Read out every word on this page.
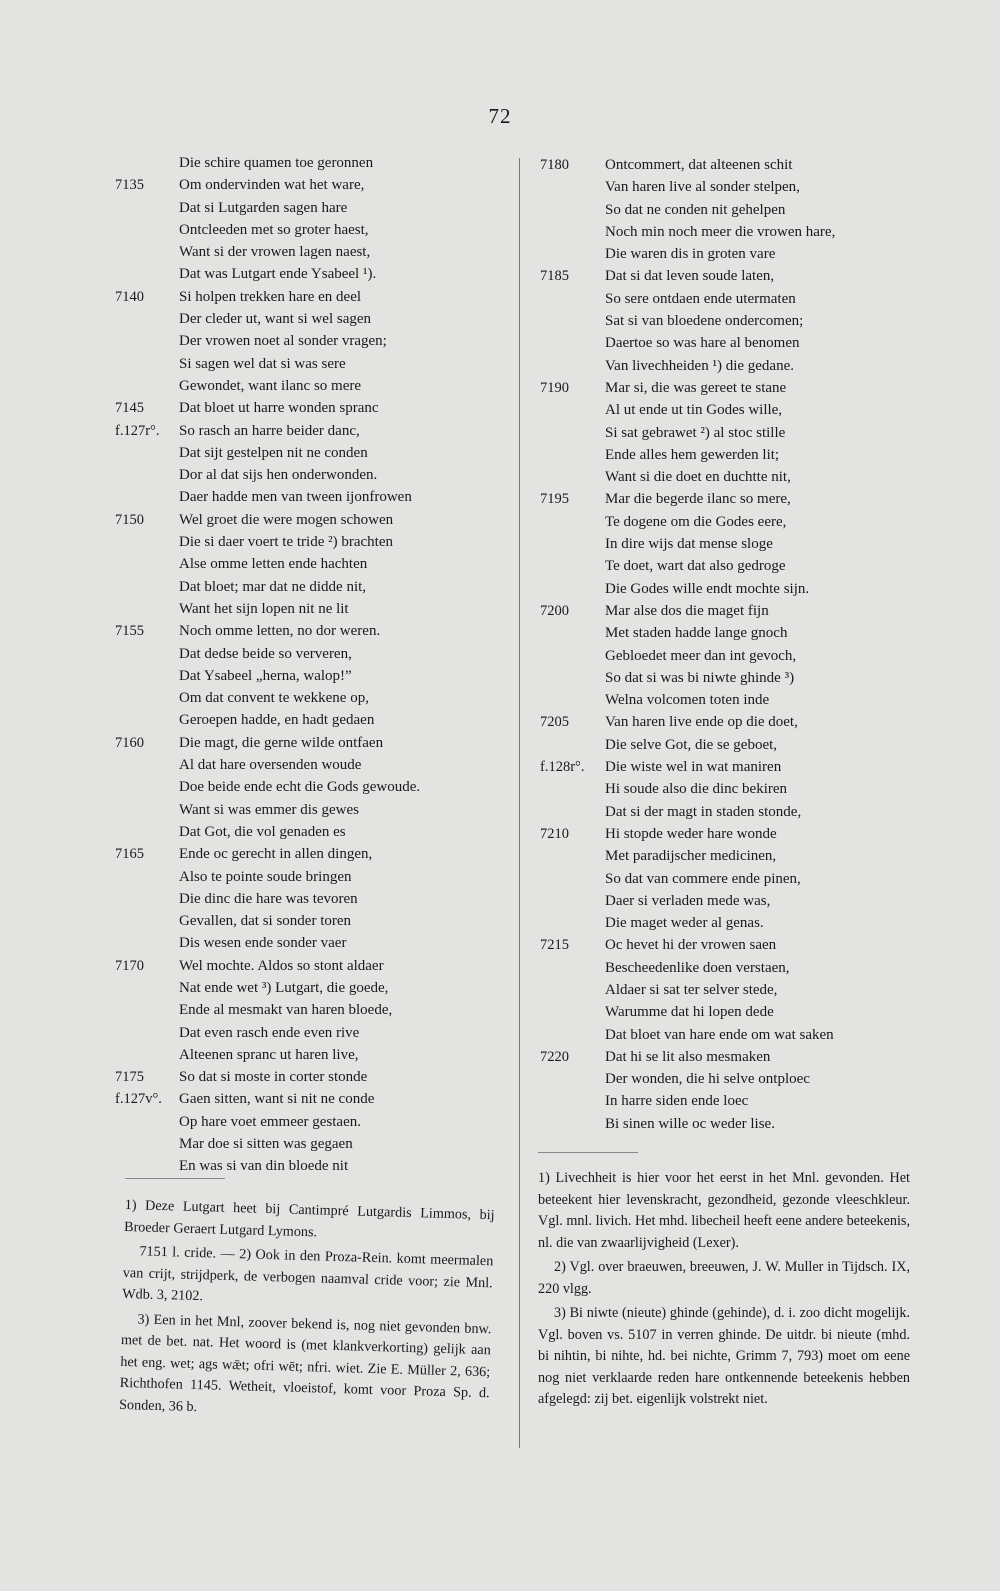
72
Die schire quamen toe geronnen
7135 Om ondervinden wat het ware,
Dat si Lutgarden sagen hare
Ontcleeden met so groter haest,
Want si der vrowen lagen naest,
Dat was Lutgart ende Ysabeel ¹).
7140 Si holpen trekken hare en deel
Der cleder ut, want si wel sagen
Der vrowen noet al sonder vragen;
Si sagen wel dat si was sere
Gewondet, want ilanc so mere
7145 Dat bloet ut harre wonden spranc
f.127r°. So rasch an harre beider danc,
Dat sijt gestelpen nit ne conden
Dor al dat sijs hen onderwonden.
Daer hadde men van tween ijonfrowen
7150 Wel groet die were mogen schowen
Die si daer voert te tride ²) brachten
Alse omme letten ende hachten
Dat bloet; mar dat ne didde nit,
Want het sijn lopen nit ne lit
7155 Noch omme letten, no dor weren.
Dat dedse beide so ververen,
Dat Ysabeel „herna, walop!”
Om dat convent te wekkene op,
Geroepen hadde, en hadt gedaen
7160 Die magt, die gerne wilde ontfaen
Al dat hare oversenden woude
Doe beide ende echt die Gods gewoude.
Want si was emmer dis gewes
Dat Got, die vol genaden es
7165 Ende oc gerecht in allen dingen,
Also te pointe soude bringen
Die dinc die hare was tevoren
Gevallen, dat si sonder toren
Dis wesen ende sonder vaer
7170 Wel mochte. Aldos so stont aldaer
Nat ende wet ³) Lutgart, die goede,
Ende al mesmakt van haren bloede,
Dat even rasch ende even rive
Alteenen spranc ut haren live,
7175 So dat si moste in corter stonde
f.127v°. Gaen sitten, want si nit ne conde
Op hare voet emmeer gestaen.
Mar doe si sitten was gegaen
En was si van din bloede nit
7180 Ontcommert, dat alteenen schit
Van haren live al sonder stelpen,
So dat ne conden nit gehelpen
Noch min noch meer die vrowen hare,
Die waren dis in groten vare
7185 Dat si dat leven soude laten,
So sere ontdaen ende utermaten
Sat si van bloedene ondercomen;
Daertoe so was hare al benomen
Van livechheiden ¹) die gedane.
7190 Mar si, die was gereet te stane
Al ut ende ut tin Godes wille,
Si sat gebrawet ²) al stoc stille
Ende alles hem gewerden lit;
Want si die doet en duchtte nit,
7195 Mar die begerde ilanc so mere,
Te dogene om die Godes eere,
In dire wijs dat mense sloge
Te doet, wart dat also gedroge
Die Godes wille endt mochte sijn.
7200 Mar alse dos die maget fijn
Met staden hadde lange gnoch
Gebloedet meer dan int gevoch,
So dat si was bi niwte ghinde ³)
Welna volcomen toten inde
7205 Van haren live ende op die doet,
Die selve Got, die se geboet,
f.128r°. Die wiste wel in wat maniren
Hi soude also die dinc bekiren
Dat si der magt in staden stonde,
7210 Hi stopde weder hare wonde
Met paradijscher medicinen,
So dat van commere ende pinen,
Daer si verladen mede was,
Die maget weder al genas.
7215 Oc hevet hi der vrowen saen
Bescheedenlike doen verstaen,
Aldaer si sat ter selver stede,
Warumme dat hi lopen dede
Dat bloet van hare ende om wat saken
7220 Dat hi se lit also mesmaken
Der wonden, die hi selve ontploec
In harre siden ende loec
Bi sinen wille oc weder lise.

1) Deze Lutgart heet bij Cantimpré Lutgardis Limmos, bij Broeder Geraert Lutgard Lymons.

7151 l. cride. — 2) Ook in den Proza-Rein. komt meermalen van crijt, strijdperk, de verbogen naamval cride voor; zie Mnl. Wdb. 3, 2102.

3) Een in het Mnl, zoover bekend is, nog niet gevonden bnw. met de bet. nat. Het woord is (met klankverkorting) gelijk aan het eng. wet; ags wǣt; ofri wēt; nfri. wiet. Zie E. Müller 2, 636; Richthofen 1145. Wetheit, vloeistof, komt voor Proza Sp. d. Sonden, 36 b.

1) Livechheit is hier voor het eerst in het Mnl. gevonden. Het beteekent hier levenskracht, gezondheid, gezonde vleeschkleur. Vgl. mnl. livich. Het mhd. libecheil heeft eene andere beteekenis, nl. die van zwaarlijvigheid (Lexer).

2) Vgl. over braeuwen, breeuwen, J. W. Muller in Tijdsch. IX, 220 vlgg.

3) Bi niwte (nieute) ghinde (gehinde), d. i. zoo dicht mogelijk. Vgl. boven vs. 5107 in verren ghinde. De uitdr. bi nieute (mhd. bi nihtin, bi nihte, hd. bei nichte, Grimm 7, 793) moet om eene nog niet verklaarde reden hare ontkennende beteekenis hebben afgelegd: zij bet. eigenlijk volstrekt niet.
